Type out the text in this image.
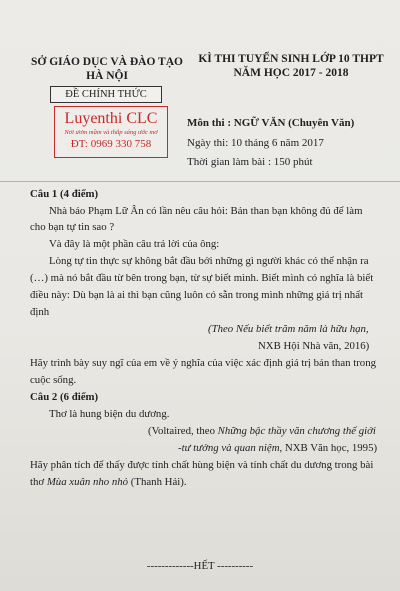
SỞ GIÁO DỤC VÀ ĐÀO TẠO
HÀ NỘI
KÌ THI TUYỂN SINH LỚP 10 THPT
NĂM HỌC 2017 - 2018
ĐỀ CHÍNH THỨC
Luyenthi CLC
Nơi ươm mầm và thắp sáng ước mơ
ĐT: 0969 330 758
Môn thi : NGỮ VĂN (Chuyên Văn)
Ngày thi: 10 tháng 6 năm 2017
Thời gian làm bài : 150 phút
Câu 1 (4 điểm)
Nhà báo Phạm Lữ Ân có lần nêu câu hỏi: Bản than bạn không đủ để làm
cho bạn tự tin sao ?
Và đây là một phần câu trả lời của ông:
Lòng tự tin thực sự không bắt đầu bởi những gì người khác có thể nhận ra
(…) mà nó bắt đầu từ bên trong bạn, từ sự biết mình. Biết mình có nghĩa là biết
điều này: Dù bạn là ai thì bạn cũng luôn có sẵn trong mình những giá trị nhất
định
(Theo Nếu biết trăm năm là hữu hạn,
NXB Hội Nhà văn, 2016)
Hãy trình bày suy ngĩ của em về ý nghĩa của việc xác định giá trị bản than trong
cuộc sống.
Câu 2 (6 điểm)
Thơ là hung biện du dương.
(Voltaired, theo Những bậc thầy văn chương thế giới
-tư tưởng và quan niệm, NXB Văn học, 1995)
Hãy phân tích để thấy được tính chất hùng biện và tính chất du dương trong bài
thơ Mùa xuân nho nhỏ (Thanh Hải).
-------------HẾT ----------
